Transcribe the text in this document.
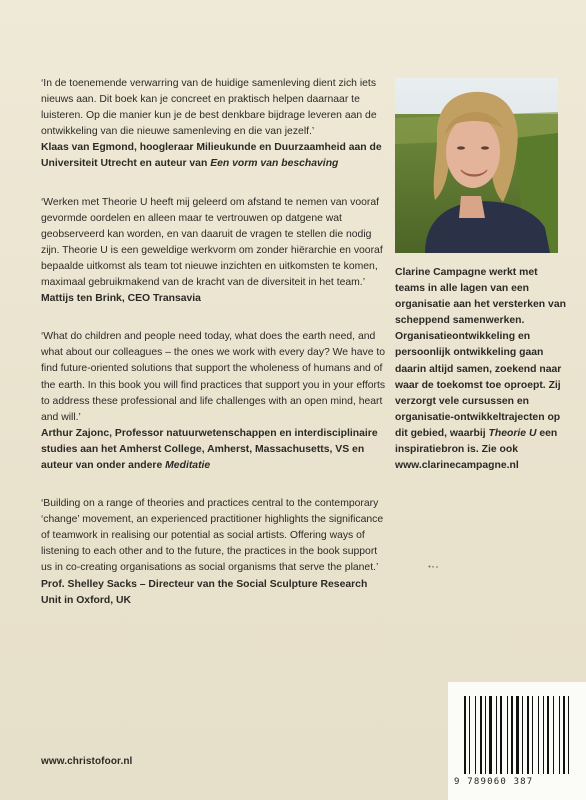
‘In de toenemende verwarring van de huidige samenleving dient zich iets nieuws aan. Dit boek kan je concreet en praktisch helpen daarnaar te luisteren. Op die manier kun je de best denkbare bijdrage leveren aan de ontwikkeling van die nieuwe samenleving en die van jezelf.’

Klaas van Egmond, hoogleraar Milieukunde en Duurzaamheid aan de Universiteit Utrecht en auteur van Een vorm van beschaving

‘Werken met Theorie U heeft mij geleerd om afstand te nemen van vooraf gevormde oordelen en alleen maar te vertrouwen op datgene wat geobserveerd kan worden, en van daaruit de vragen te stellen die nodig zijn. Theorie U is een geweldige werkvorm om zonder hiërarchie en vooraf bepaalde uitkomst als team tot nieuwe inzichten en uitkomsten te komen, maximaal gebruikmakend van de kracht van de diversiteit in het team.’

Mattijs ten Brink, CEO Transavia

‘What do children and people need today, what does the earth need, and what about our colleagues – the ones we work with every day? We have to find future-oriented solutions that support the wholeness of humans and of the earth. In this book you will find practices that support you in your efforts to address these professional and life challenges with an open mind, heart and will.’

Arthur Zajonc, Professor natuurwetenschappen en interdisciplinaire studies aan het Amherst College, Amherst, Massachusetts, VS en auteur van onder andere Meditatie

‘Building on a range of theories and practices central to the contemporary ‘change’ movement, an experienced practitioner highlights the significance of teamwork in realising our potential as social artists. Offering ways of listening to each other and to the future, the practices in the book support us in co-creating organisations as social organisms that serve the planet.’

Prof. Shelley Sacks – Directeur van the Social Sculpture Research Unit in Oxford, UK

Clarine Campagne werkt met teams in alle lagen van een organisatie aan het versterken van scheppend samenwerken. Organisatieontwikkeling en persoonlijk ontwikkeling gaan daarin altijd samen, zoekend naar waar de toekomst toe oproept. Zij verzorgt vele cursussen en organisatie-ontwikkeltrajecten op dit gebied, waarbij Theorie U een inspiratiebron is. Zie ook www.clarinecampagne.nl

www.christofoor.nl
9 789060 387
